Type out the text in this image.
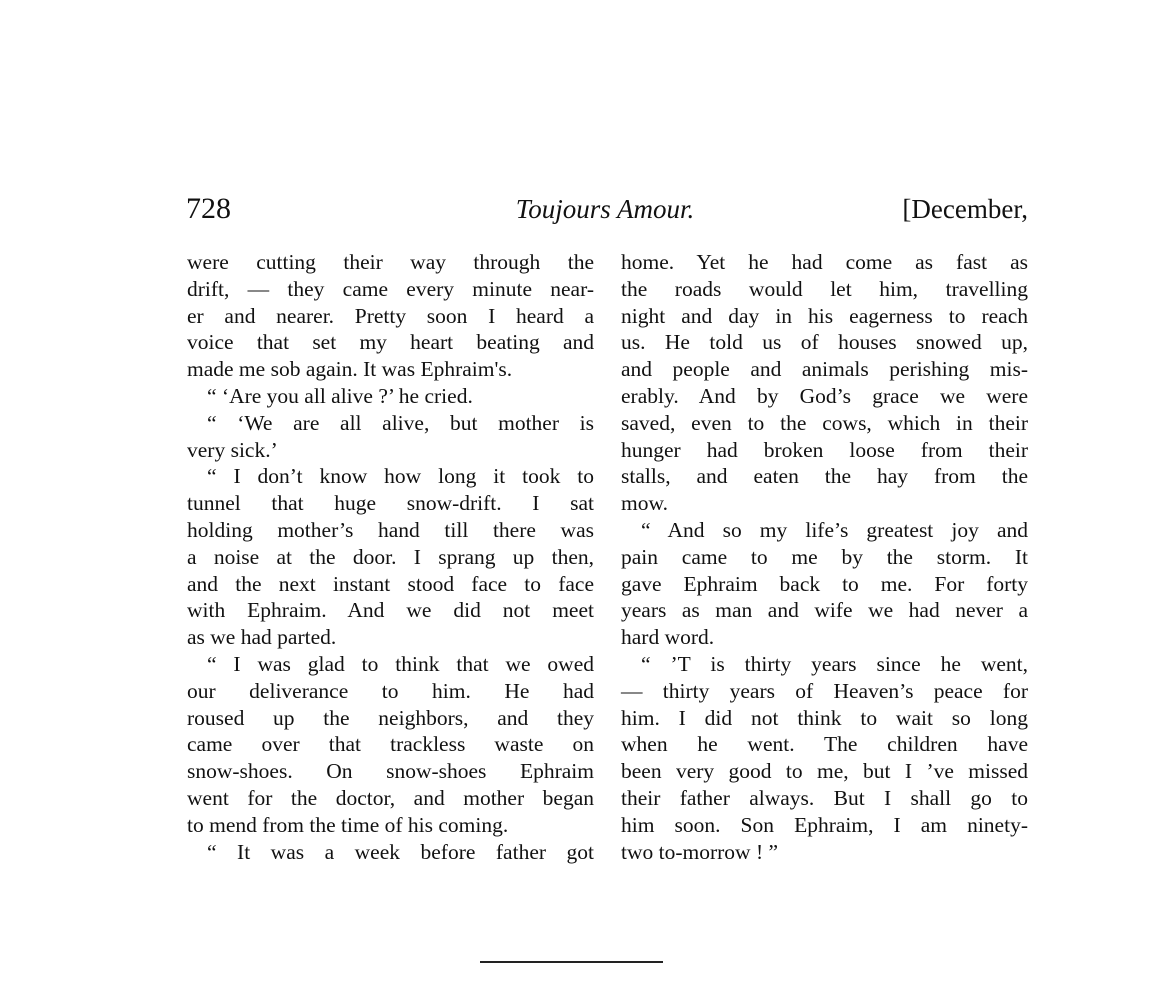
728	Toujours Amour.	[December,
were cutting their way through the
drift, — they came every minute near-
er and nearer. Pretty soon I heard a
voice that set my heart beating and
made me sob again. It was Ephraim's.
“ ‘Are you all alive ?’ he cried.
“ ‘We are all alive, but mother is
very sick.’
“ I don’t know how long it took to
tunnel that huge snow-drift. I sat
holding mother’s hand till there was
a noise at the door. I sprang up then,
and the next instant stood face to face
with Ephraim. And we did not meet
as we had parted.
“ I was glad to think that we owed
our deliverance to him. He had
roused up the neighbors, and they
came over that trackless waste on
snow-shoes. On snow-shoes Ephraim
went for the doctor, and mother began
to mend from the time of his coming.
“ It was a week before father got
home. Yet he had come as fast as
the roads would let him, travelling
night and day in his eagerness to reach
us. He told us of houses snowed up,
and people and animals perishing mis-
erably. And by God’s grace we were
saved, even to the cows, which in their
hunger had broken loose from their
stalls, and eaten the hay from the
mow.
“ And so my life’s greatest joy and
pain came to me by the storm. It
gave Ephraim back to me. For forty
years as man and wife we had never a
hard word.
“ ’T is thirty years since he went,
— thirty years of Heaven’s peace for
him. I did not think to wait so long
when he went. The children have
been very good to me, but I ’ve missed
their father always. But I shall go to
him soon. Son Ephraim, I am ninety-
two to-morrow ! ”
